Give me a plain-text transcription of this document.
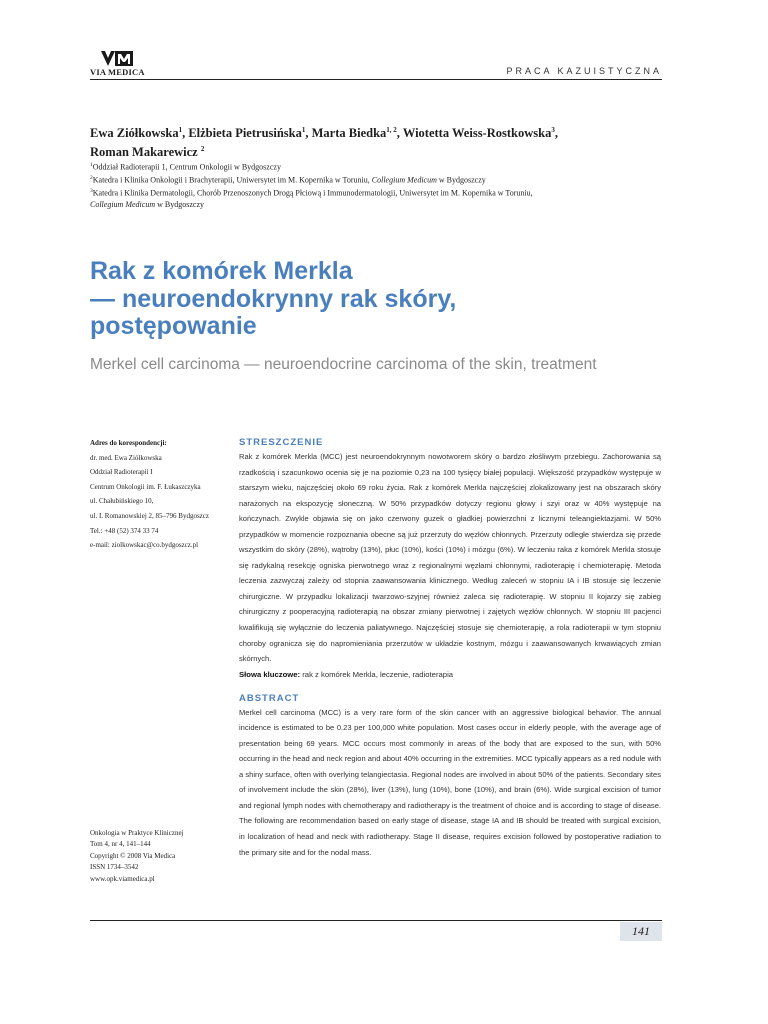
VIA MEDICA	PRACA KAZUISTYCZNA
Ewa Ziółkowska$^1$, Elżbieta Pietrusińska$^1$, Marta Biedka$^{1, 2}$, Wiotetta Weiss-Rostkowska$^3$,
Roman Makarewicz $^2$
$^1$Oddział Radioterapii 1, Centrum Onkologii w Bydgoszczy
$^2$Katedra i Klinika Onkologii i Brachyterapii, Uniwersytet im M. Kopernika w Toruniu, Collegium Medicum w Bydgoszczy
$^3$Katedra i Klinika Dermatologii, Chorób Przenoszonych Drogą Płciową i Immunodermatologii, Uniwersytet im M. Kopernika w Toruniu,
Collegium Medicum w Bydgoszczy
Rak z komórek Merkla
— neuroendokrynny rak skóry,
postępowanie
Merkel cell carcinoma — neuroendocrine carcinoma of the skin, treatment
Adres do korespondencji:
dr. med. Ewa Ziółkowska
Oddział Radioterapii I
Centrum Onkologii im. F. Łukaszczyka
ul. Chałubińskiego 10,
ul. I. Romanowskiej 2, 85–796 Bydgoszcz
Tel.: +48 (52) 374 33 74
e-mail: ziolkowskac@co.bydgoszcz.pl
Onkologia w Praktyce Klinicznej
Tom 4, nr 4, 141–144
Copyright © 2008 Via Medica
ISSN 1734–3542
www.opk.viamedica.pl
STRESZCZENIE

Rak z komórek Merkla (MCC) jest neuroendokrynnym nowotworem skóry o bardzo złośliwym przebiegu. Zachorowania są rzadkością i szacunkowo ocenia się je na poziomie 0,23 na 100 tysięcy białej populacji. Większość przypadków występuje w starszym wieku, najczęściej około 69 roku życia. Rak z komórek Merkla najczęściej zlokalizowany jest na obszarach skóry narażonych na ekspozycję słoneczną. W 50% przypadków dotyczy regionu głowy i szyi oraz w 40% występuje na kończynach. Zwykle objawia się on jako czerwony guzek o gładkiej powierzchni z licznymi teleangiektazjami. W 50% przypadków w momencie rozpoznania obecne są już przerzuty do węzłów chłonnych. Przerzuty odległe stwierdza się przede wszystkim do skóry (28%), wątroby (13%), płuc (10%), kości (10%) i mózgu (6%). W leczeniu raka z komórek Merkla stosuje się radykalną resekcję ogniska pierwotnego wraz z regionalnymi węzłami chłonnymi, radioterapię i chemioterapię. Metoda leczenia zazwyczaj zależy od stopnia zaawansowania klinicznego. Według zaleceń w stopniu IA i IB stosuje się leczenie chirurgiczne. W przypadku lokalizacji twarzowo-szyjnej również zaleca się radioterapię. W stopniu II kojarzy się zabieg chirurgiczny z pooperacyjną radioterapią na obszar zmiany pierwotnej i zajętych węzłów chłonnych. W stopniu III pacjenci kwalifikują się wyłącznie do leczenia paliatywnego. Najczęściej stosuje się chemioterapię, a rola radioterapii w tym stopniu choroby ogranicza się do napromieniania przerzutów w układzie kostnym, mózgu i zaawansowanych krwawiących zmian skórnych.

Słowa kluczowe: rak z komórek Merkla, leczenie, radioterapia
ABSTRACT

Merkel cell carcinoma (MCC) is a very rare form of the skin cancer with an aggressive biological behavior. The annual incidence is estimated to be 0.23 per 100,000 white population. Most cases occur in elderly people, with the average age of presentation being 69 years. MCC occurs most commonly in areas of the body that are exposed to the sun, with 50% occurring in the head and neck region and about 40% occurring in the extremities. MCC typically appears as a red nodule with a shiny surface, often with overlying telangiectasia. Regional nodes are involved in about 50% of the patients. Secondary sites of involvement include the skin (28%), liver (13%), lung (10%), bone (10%), and brain (6%). Wide surgical excision of tumor and regional lymph nodes with chemotherapy and radiotherapy is the treatment of choice and is according to stage of disease. The following are recommendation based on early stage of disease, stage IA and IB should be treated with surgical excision, in localization of head and neck with radiotherapy. Stage II disease, requires excision followed by postoperative radiation to the primary site and for the nodal mass.

141
